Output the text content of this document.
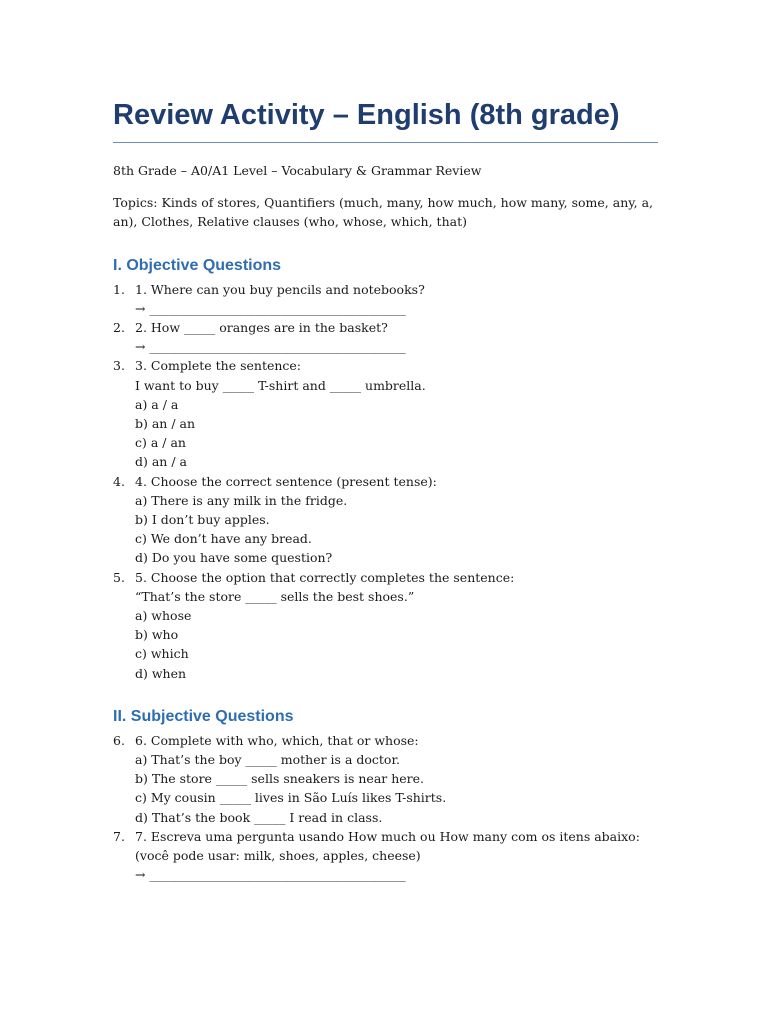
Review Activity – English (8th grade)

8th Grade – A0/A1 Level – Vocabulary & Grammar Review

Topics: Kinds of stores, Quantifiers (much, many, how much, how many, some, any, a, an), Clothes, Relative clauses (who, whose, which, that)

I. Objective Questions
1. 1. Where can you buy pencils and notebooks?
→ _________________________________________
2. 2. How _____ oranges are in the basket?
→ _________________________________________
3. 3. Complete the sentence:
I want to buy _____ T-shirt and _____ umbrella.
a) a / a
b) an / an
c) a / an
d) an / a
4. 4. Choose the correct sentence (present tense):
a) There is any milk in the fridge.
b) I don’t buy apples.
c) We don’t have any bread.
d) Do you have some question?
5. 5. Choose the option that correctly completes the sentence:
“That’s the store _____ sells the best shoes.”
a) whose
b) who
c) which
d) when
II. Subjective Questions
6. 6. Complete with who, which, that or whose:
a) That’s the boy _____ mother is a doctor.
b) The store _____ sells sneakers is near here.
c) My cousin _____ lives in São Luís likes T-shirts.
d) That’s the book _____ I read in class.
7. 7. Escreva uma pergunta usando How much ou How many com os itens abaixo:
(você pode usar: milk, shoes, apples, cheese)
→ _________________________________________
